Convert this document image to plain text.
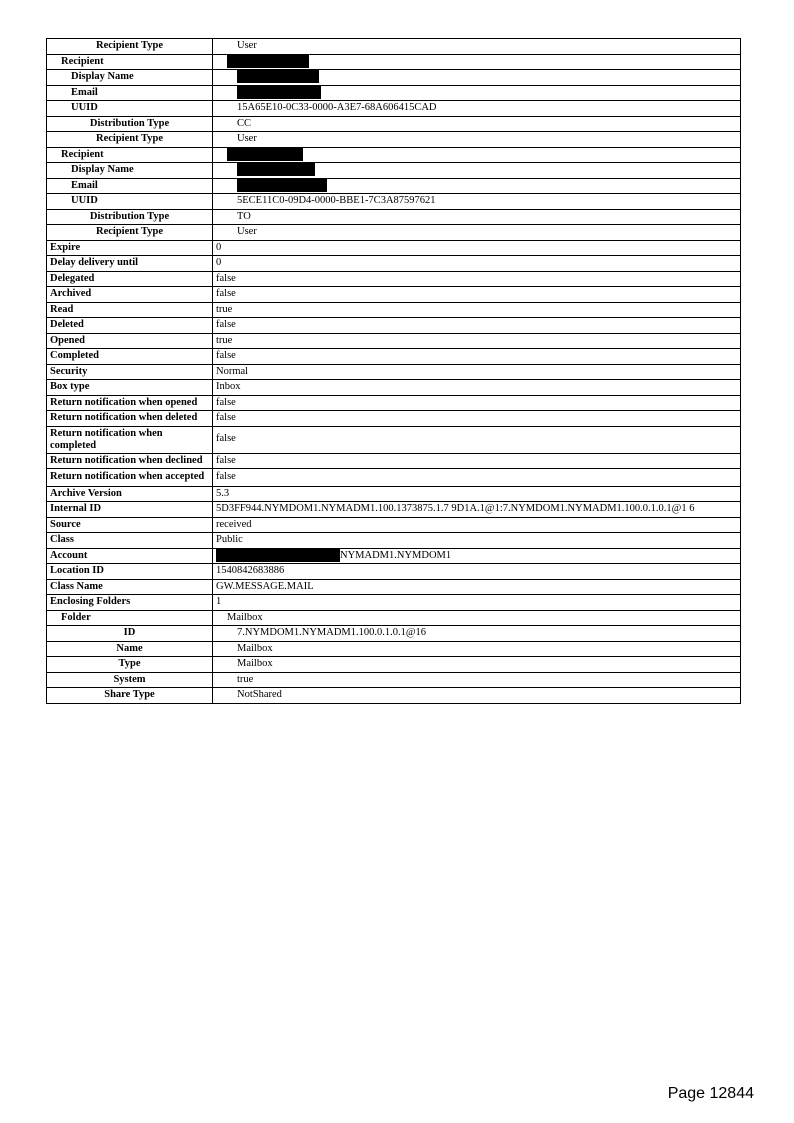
Recipient Type	User
Recipient	
Display Name	
Email	
UUID	15A65E10-0C33-0000-A3E7-68A606415CAD
Distribution Type	CC
Recipient Type	User
Recipient	
Display Name	
Email	
UUID	5ECE11C0-09D4-0000-BBE1-7C3A87597621
Distribution Type	TO
Recipient Type	User
Expire	0
Delay delivery until	0
Delegated	false
Archived	false
Read	true
Deleted	false
Opened	true
Completed	false
Security	Normal
Box type	Inbox
Return notification when opened	false
Return notification when deleted	false
Return notification when completed	false
Return notification when declined	false
Return notification when accepted	false
Archive Version	5.3
Internal ID	5D3FF944.NYMDOM1.NYMADM1.100.1373875.1.7 9D1A.1@1:7.NYMDOM1.NYMADM1.100.0.1.0.1@1 6
Source	received
Class	Public
Account	NYMADM1.NYMDOM1
Location ID	1540842683886
Class Name	GW.MESSAGE.MAIL
Enclosing Folders	1
Folder	Mailbox
ID	7.NYMDOM1.NYMADM1.100.0.1.0.1@16
Name	Mailbox
Type	Mailbox
System	true
Share Type	NotShared
Page 12844
